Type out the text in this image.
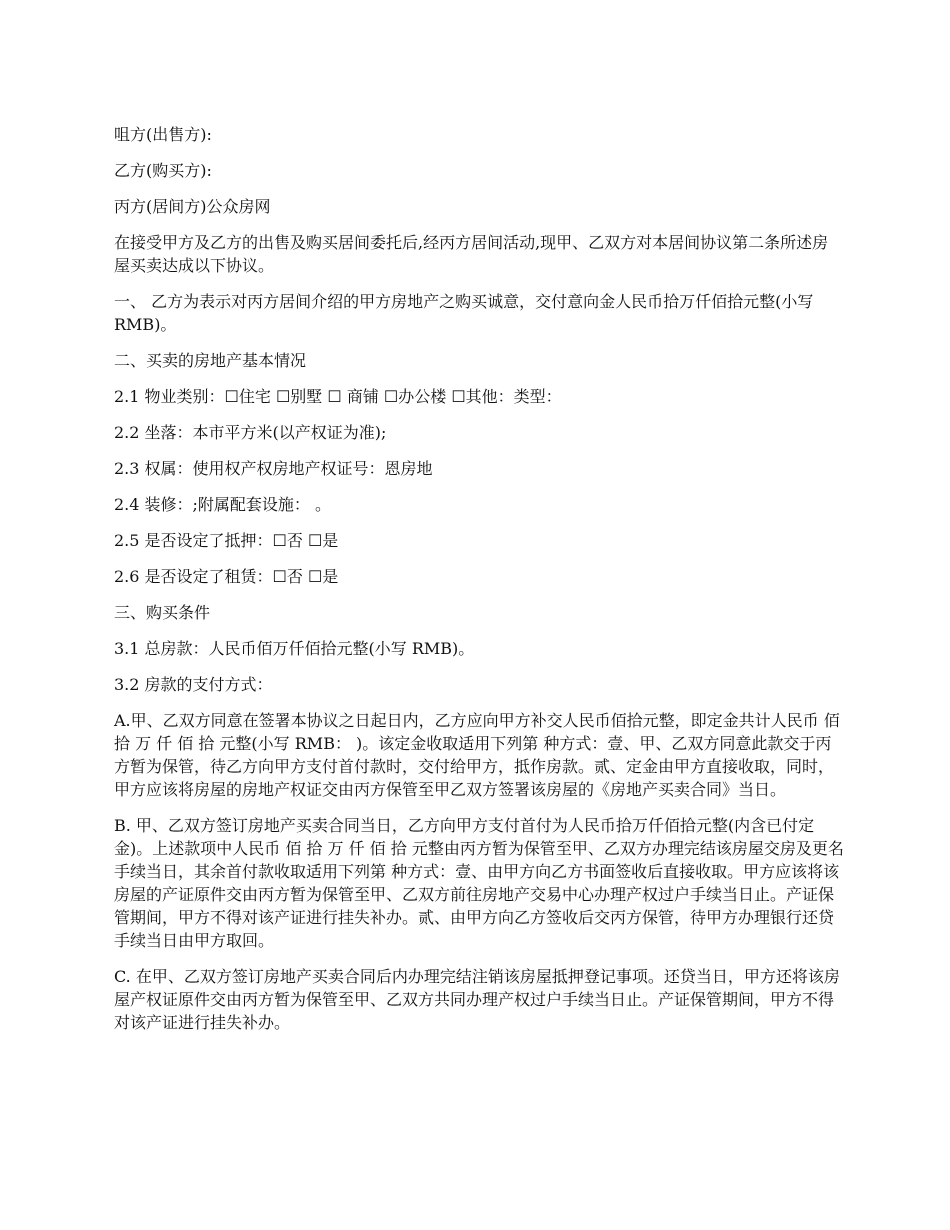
咀方(出售方):

乙方(购买方):

丙方(居间方)公众房网

在接受甲方及乙方的出售及购买居间委托后,经丙方居间活动,现甲、乙双方对本居间协议第二条所述房屋买卖达成以下协议。

一、 乙方为表示对丙方居间介绍的甲方房地产之购买诚意，交付意向金人民币拾万仟佰拾元整(小写 RMB)。

二、买卖的房地产基本情况

2.1 物业类别：☐住宅 ☐别墅 ☐ 商铺 ☐办公楼 ☐其他：类型：

2.2 坐落：本市平方米(以产权证为准);

2.3 权属：使用权产权房地产权证号：恩房地

2.4 装修：;附属配套设施： 。

2.5 是否设定了抵押：☐否 ☐是

2.6 是否设定了租赁：☐否 ☐是

三、购买条件

3.1 总房款：人民币佰万仟佰拾元整(小写 RMB)。

3.2 房款的支付方式：

A.甲、乙双方同意在签署本协议之日起日内，乙方应向甲方补交人民币佰拾元整，即定金共计人民币 佰 拾 万 仟 佰 拾 元整(小写 RMB： )。该定金收取适用下列第 种方式：壹、甲、乙双方同意此款交于丙方暂为保管，待乙方向甲方支付首付款时，交付给甲方，抵作房款。贰、定金由甲方直接收取，同时，甲方应该将房屋的房地产权证交由丙方保管至甲乙双方签署该房屋的《房地产买卖合同》当日。

B. 甲、乙双方签订房地产买卖合同当日，乙方向甲方支付首付为人民币拾万仟佰拾元整(内含已付定金)。上述款项中人民币 佰 拾 万 仟 佰 拾 元整由丙方暂为保管至甲、乙双方办理完结该房屋交房及更名手续当日，其余首付款收取适用下列第 种方式：壹、由甲方向乙方书面签收后直接收取。甲方应该将该房屋的产证原件交由丙方暂为保管至甲、乙双方前往房地产交易中心办理产权过户手续当日止。产证保管期间，甲方不得对该产证进行挂失补办。贰、由甲方向乙方签收后交丙方保管，待甲方办理银行还贷手续当日由甲方取回。

C. 在甲、乙双方签订房地产买卖合同后内办理完结注销该房屋抵押登记事项。还贷当日，甲方还将该房屋产权证原件交由丙方暂为保管至甲、乙双方共同办理产权过户手续当日止。产证保管期间，甲方不得对该产证进行挂失补办。
